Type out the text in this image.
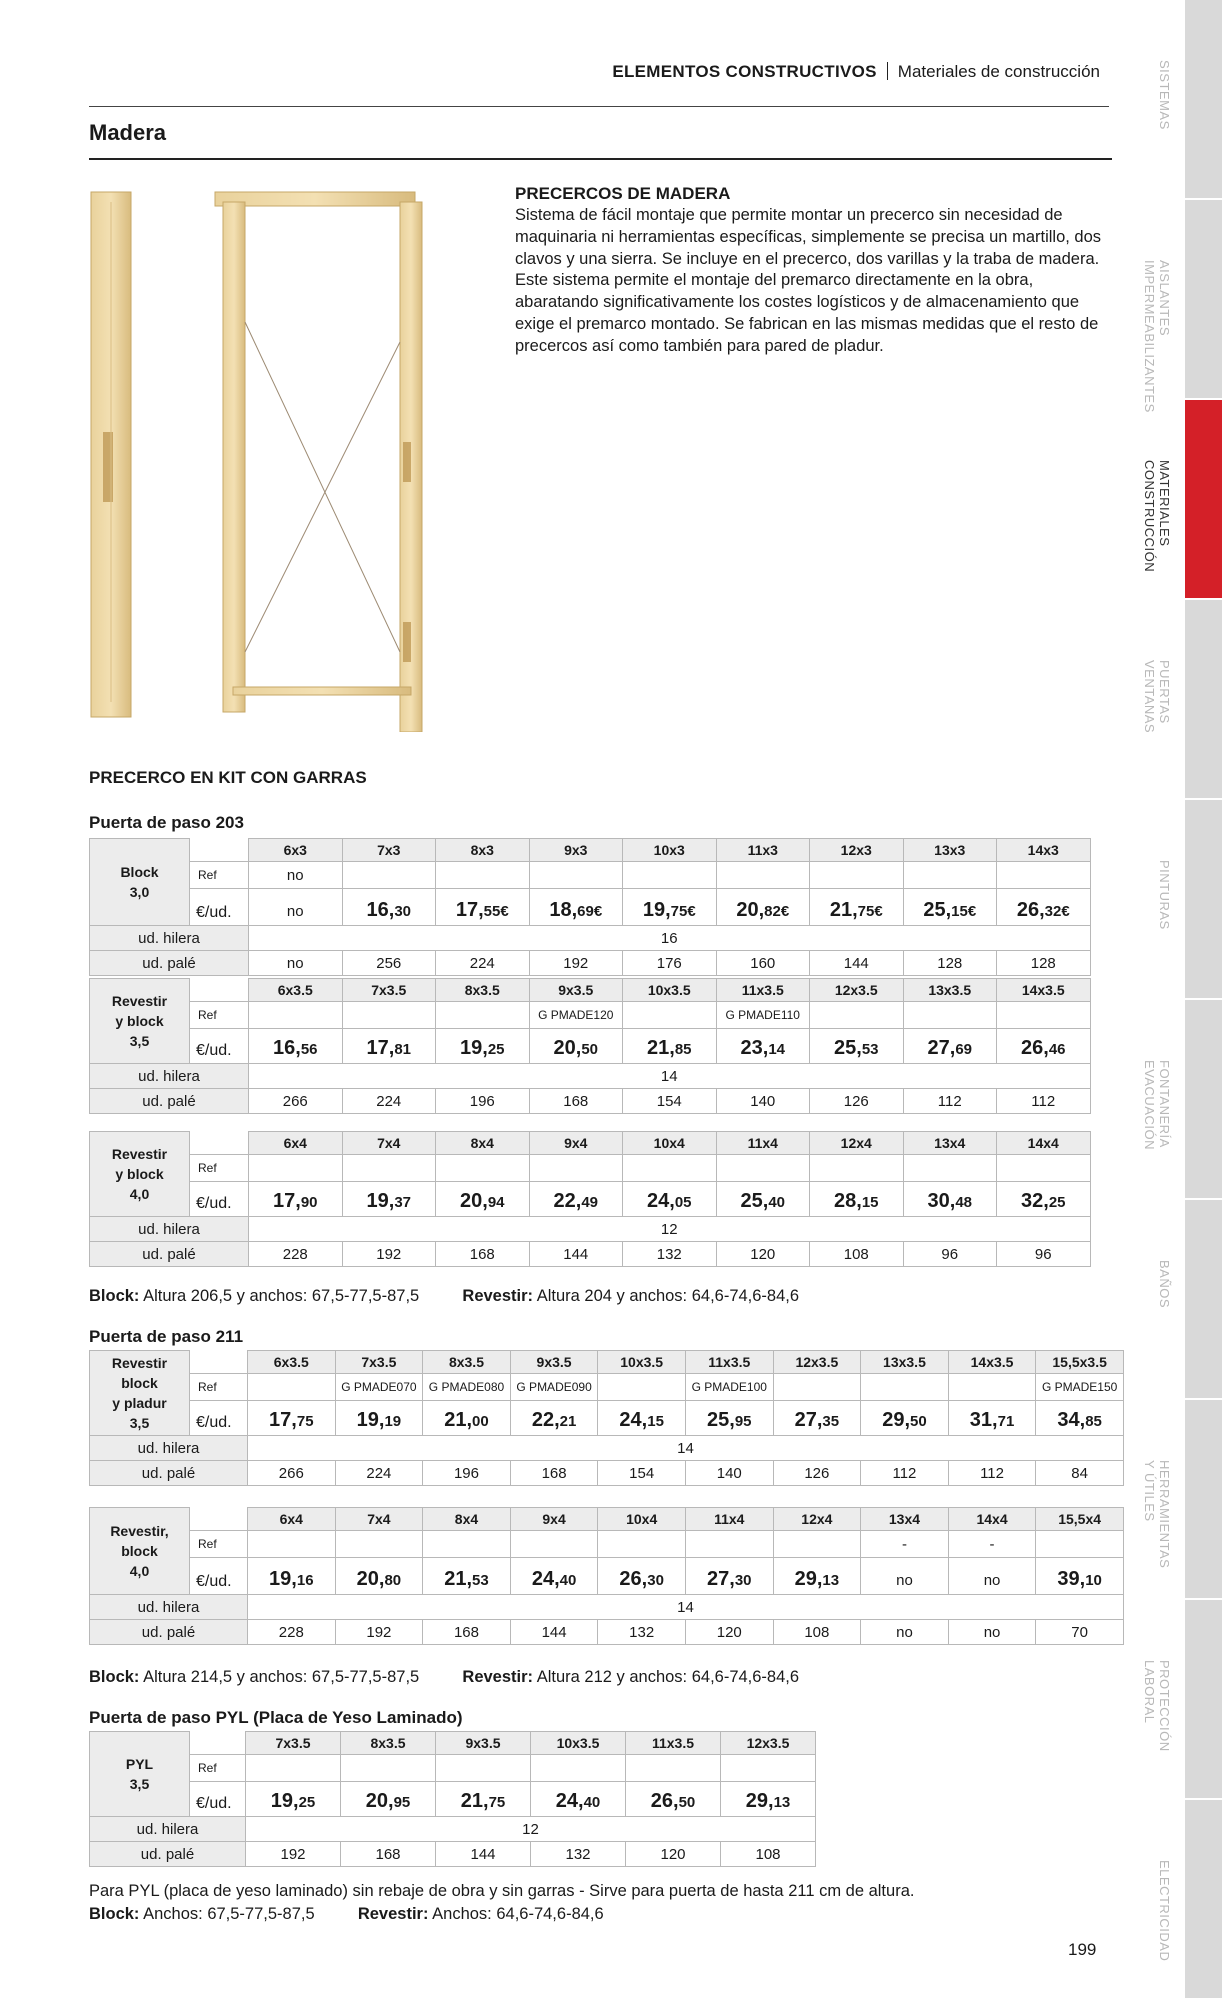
ELEMENTOS CONSTRUCTIVOS Materiales de construcción
Madera
PRECERCOS DE MADERA

Sistema de fácil montaje que permite montar un precerco sin necesidad de maquinaria ni herramientas específicas, simplemente se precisa un martillo, dos clavos y una sierra. Se incluye en el precerco, dos varillas y la traba de madera.

Este sistema permite el montaje del premarco directamente en la obra, abaratando significativamente los costes logísticos y de almacenamiento que exige el premarco montado. Se fabrican en las mismas medidas que el resto de precercos así como también para pared de pladur.

PRECERCO EN KIT CON GARRAS
Puerta de paso 203
Block
3,0		6x3	7x3	8x3	9x3	10x3	11x3	12x3	13x3	14x3
	Ref	no								
	€/ud.	no	16,30	17,55€	18,69€	19,75€	20,82€	21,75€	25,15€	26,32€
ud. hilera		16								
ud. palé		no	256	224	192	176	160	144	128	128
Revestir
y block
3,5		6x3.5	7x3.5	8x3.5	9x3.5	10x3.5	11x3.5	12x3.5	13x3.5	14x3.5
	Ref				G PMADE120		G PMADE110			
	€/ud.	16,56	17,81	19,25	20,50	21,85	23,14	25,53	27,69	26,46
ud. hilera		14								
ud. palé		266	224	196	168	154	140	126	112	112
Revestir
y block
4,0		6x4	7x4	8x4	9x4	10x4	11x4	12x4	13x4	14x4
	Ref									
	€/ud.	17,90	19,37	20,94	22,49	24,05	25,40	28,15	30,48	32,25
ud. hilera		12								
ud. palé		228	192	168	144	132	120	108	96	96
Block: Altura 206,5 y anchos: 67,5-77,5-87,5	Revestir: Altura 204 y anchos: 64,6-74,6-84,6
Puerta de paso 211
Revestir
block
y pladur
3,5		6x3.5	7x3.5	8x3.5	9x3.5	10x3.5	11x3.5	12x3.5	13x3.5	14x3.5	15,5x3.5
	Ref		G PMADE070	G PMADE080	G PMADE090		G PMADE100				G PMADE150
	€/ud.	17,75	19,19	21,00	22,21	24,15	25,95	27,35	29,50	31,71	34,85
ud. hilera		14									
ud. palé		266	224	196	168	154	140	126	112	112	84
Revestir,
block
4,0		6x4	7x4	8x4	9x4	10x4	11x4	12x4	13x4	14x4	15,5x4
	Ref								-	-	
	€/ud.	19,16	20,80	21,53	24,40	26,30	27,30	29,13	no	no	39,10
ud. hilera		14									
ud. palé		228	192	168	144	132	120	108	no	no	70
Block: Altura 214,5 y anchos: 67,5-77,5-87,5	Revestir: Altura 212 y anchos: 64,6-74,6-84,6
Puerta de paso PYL (Placa de Yeso Laminado)
PYL
3,5		7x3.5	8x3.5	9x3.5	10x3.5	11x3.5	12x3.5
	Ref						
	€/ud.	19,25	20,95	21,75	24,40	26,50	29,13
ud. hilera		12					
ud. palé		192	168	144	132	120	108
Para PYL (placa de yeso laminado) sin rebaje de obra y sin garras - Sirve para puerta de hasta 211 cm de altura.
Block: Anchos: 67,5-77,5-87,5	Revestir: Anchos: 64,6-74,6-84,6
199
SISTEMAS
AISLANTES
IMPERMEABILIZANTES
MATERIALES
CONSTRUCCIÓN
PUERTAS
VENTANAS
PINTURAS
FONTANERÍA
EVACUACIÓN
BAÑOS
HERRAMIENTAS
Y ÚTILES
PROTECCIÓN
LABORAL
ELECTRICIDAD
